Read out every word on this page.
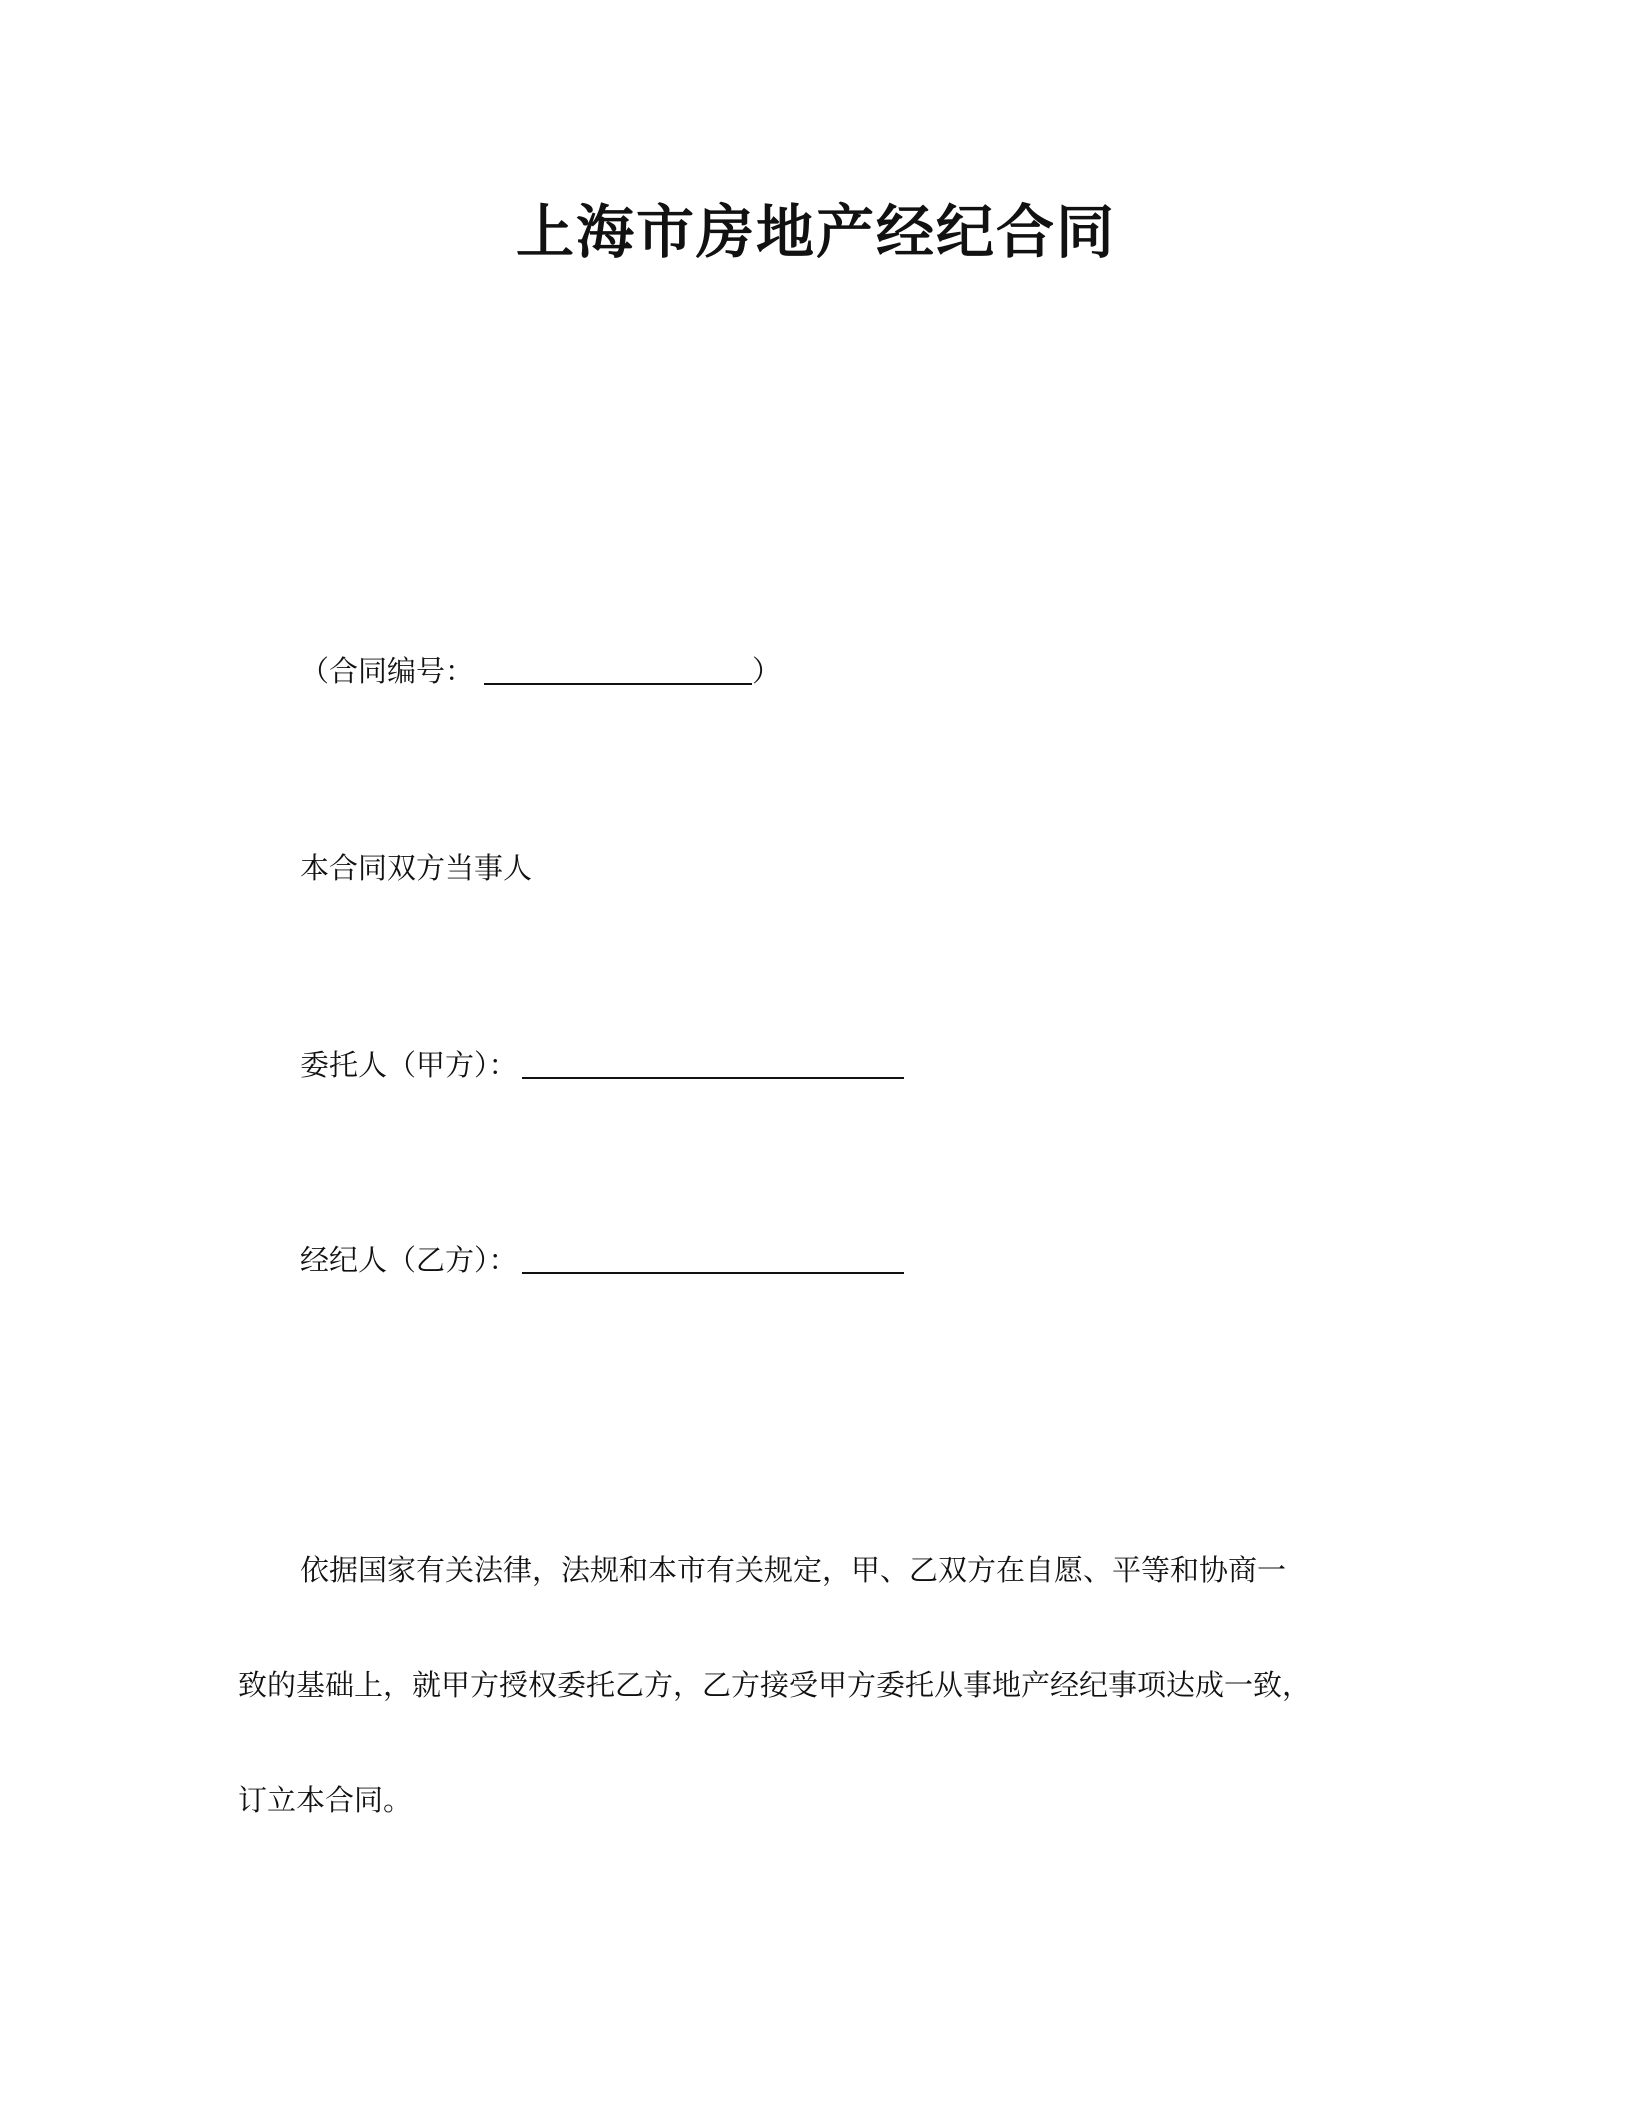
上海市房地产经纪合同
（合同编号：	）
本合同双方当事人
委托人（甲方）：
经纪人（乙方）：
依据国家有关法律，法规和本市有关规定，甲、乙双方在自愿、平等和协商一
致的基础上，就甲方授权委托乙方，乙方接受甲方委托从事地产经纪事项达成一致，
订立本合同。
